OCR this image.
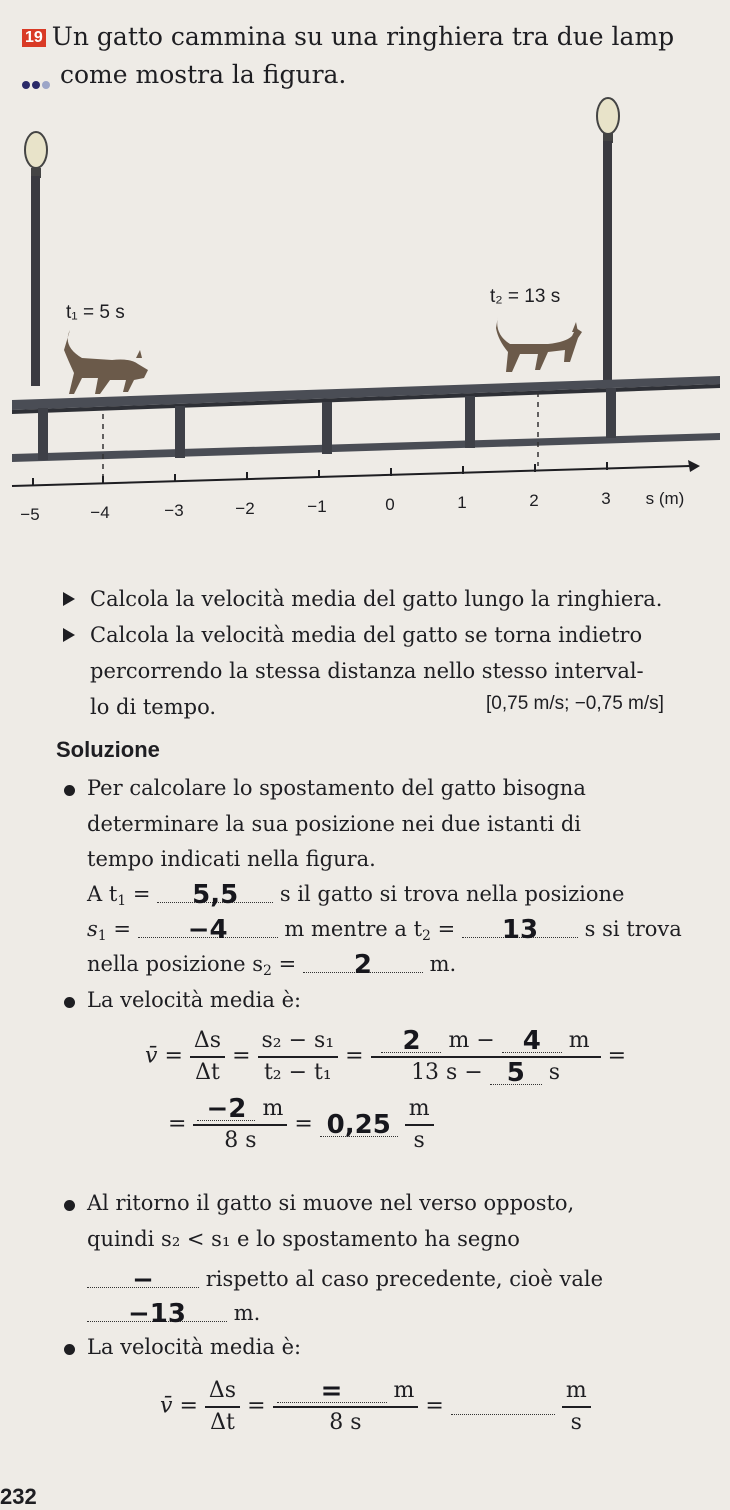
19 Un gatto cammina su una ringhiera tra due lamp
come mostra la figura.
−5	−4	−3	−2	−1	0	1	2	3 s (m)
t₁ = 5 s
t₂ = 13 s
Calcola la velocità media del gatto lungo la ringhiera.
Calcola la velocità media del gatto se torna indietro
percorrendo la stessa distanza nello stesso interval-
lo di tempo.	[0,75 m/s; −0,75 m/s]
Soluzione
Per calcolare lo spostamento del gatto bisogna
determinare la sua posizione nei due istanti di
tempo indicati nella figura.
A $t_1 = 5,5$ s il gatto si trova nella posizione
$s_1 = -4$	m mentre a $t_2 = 13$ s si trova
nella posizione $s_2 = 2$	m.
La velocità media è:
v̄ = $\frac{\Delta s}{\Delta t} = \frac{\text{s₂ − s₁}}{\text{t₂ − t₁}} = \frac{2 m - 4 m}{13 s - 5 s}$ =
= $\frac{-2 m}{8 s} = 0,25 \frac{m}{s}$
Al ritorno il gatto si muove nel verso opposto,
quindi s₂ < s₁ e lo spostamento ha segno
− rispetto al caso precedente, cioè vale
−13 m.
La velocità media è:
v̄ = $\frac{\Delta s}{\Delta t} = \frac{= m}{8 s}$ =	$\frac{m}{s}$
232
